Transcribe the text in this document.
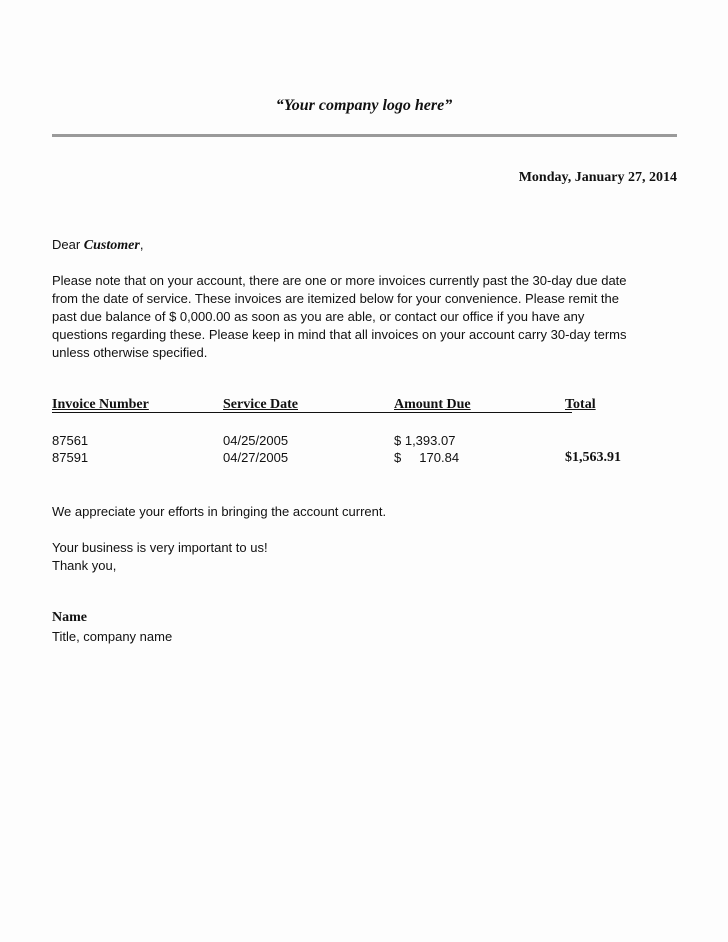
“Your company logo here”
Monday, January 27, 2014
Dear Customer,

Please note that on your account, there are one or more invoices currently past the 30-day due date

from the date of service. These invoices are itemized below for your convenience. Please remit the

past due balance of $ 0,000.00 as soon as you are able, or contact our office if you have any

questions regarding these. Please keep in mind that all invoices on your account carry 30-day terms

unless otherwise specified.

Invoice Number	Service Date	Amount Due	Total
87561	04/25/2005	$ 1,393.07
87591	04/27/2005	$     170.84	$1,563.91
We appreciate your efforts in bringing the account current.
Your business is very important to us!
Thank you,
Name
Title, company name
